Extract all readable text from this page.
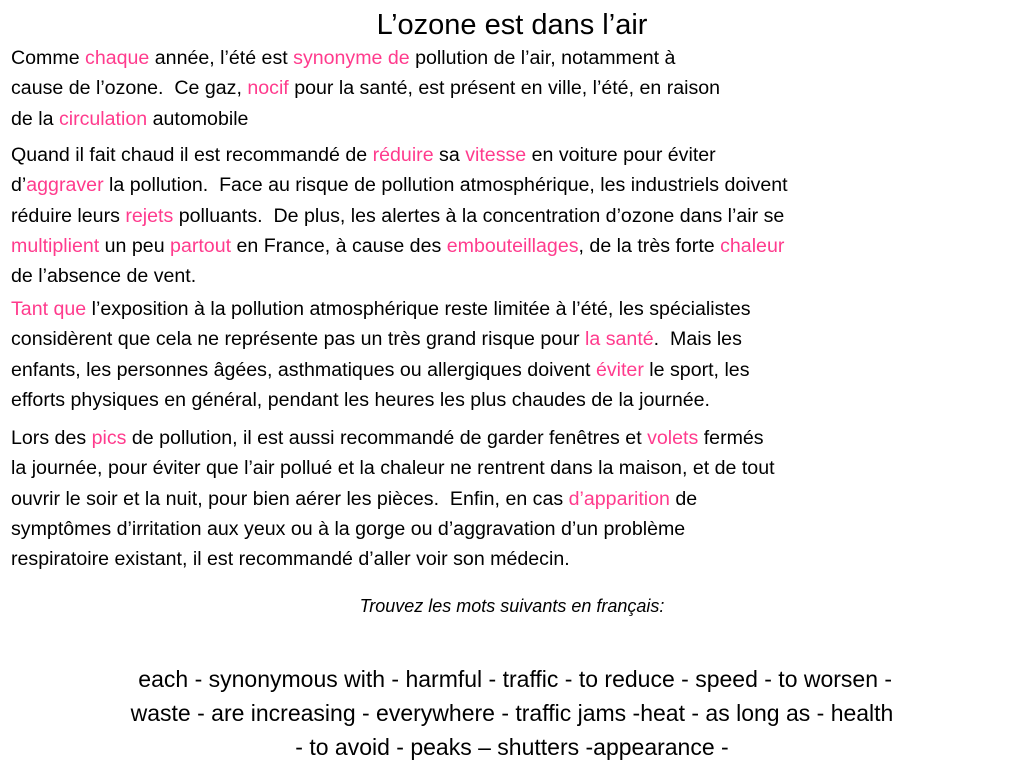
L’ozone est dans l’air
Comme chaque année, l’été est synonyme de pollution de l’air, notamment à
cause de l’ozone.  Ce gaz, nocif pour la santé, est présent en ville, l’été, en raison
de la circulation automobile
Quand il fait chaud il est recommandé de réduire sa vitesse en voiture pour éviter
d’aggraver la pollution.  Face au risque de pollution atmosphérique, les industriels doivent
réduire leurs rejets polluants.  De plus, les alertes à la concentration d’ozone dans l’air se
multiplient un peu partout en France, à cause des embouteillages, de la très forte chaleur
de l’absence de vent.
Tant que l’exposition à la pollution atmosphérique reste limitée à l’été, les spécialistes
considèrent que cela ne représente pas un très grand risque pour la santé.  Mais les
enfants, les personnes âgées, asthmatiques ou allergiques doivent éviter le sport, les
efforts physiques en général, pendant les heures les plus chaudes de la journée.
Lors des pics de pollution, il est aussi recommandé de garder fenêtres et volets fermés
la journée, pour éviter que l’air pollué et la chaleur ne rentrent dans la maison, et de tout
ouvrir le soir et la nuit, pour bien aérer les pièces.  Enfin, en cas d’apparition de
symptômes d’irritation aux yeux ou à la gorge ou d’aggravation d’un problème
respiratoire existant, il est recommandé d’aller voir son médecin.
Trouvez les mots suivants en français:
each - synonymous with - harmful - traffic - to reduce - speed - to worsen -
waste - are increasing - everywhere - traffic jams -heat - as long as - health
- to avoid - peaks – shutters -appearance -
